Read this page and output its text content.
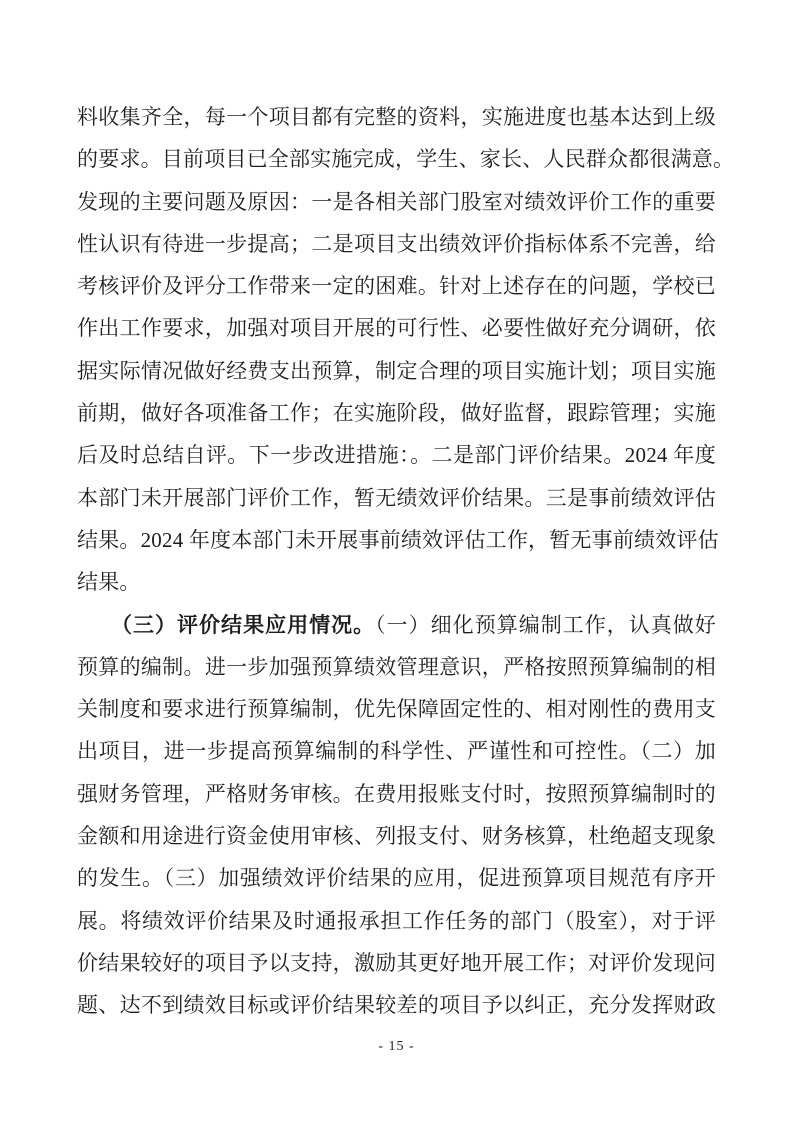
料收集齐全，每一个项目都有完整的资料，实施进度也基本达到上级
的要求。目前项目已全部实施完成，学生、家长、人民群众都很满意。
发现的主要问题及原因：一是各相关部门股室对绩效评价工作的重要
性认识有待进一步提高；二是项目支出绩效评价指标体系不完善，给
考核评价及评分工作带来一定的困难。针对上述存在的问题，学校已
作出工作要求，加强对项目开展的可行性、必要性做好充分调研，依
据实际情况做好经费支出预算，制定合理的项目实施计划；项目实施
前期，做好各项准备工作；在实施阶段，做好监督，跟踪管理；实施
后及时总结自评。下一步改进措施：。二是部门评价结果。2024 年度
本部门未开展部门评价工作，暂无绩效评价结果。三是事前绩效评估
结果。2024 年度本部门未开展事前绩效评估工作，暂无事前绩效评估
结果。
（三）评价结果应用情况。（一）细化预算编制工作，认真做好
预算的编制。进一步加强预算绩效管理意识，严格按照预算编制的相
关制度和要求进行预算编制，优先保障固定性的、相对刚性的费用支
出项目，进一步提高预算编制的科学性、严谨性和可控性。（二）加
强财务管理，严格财务审核。在费用报账支付时，按照预算编制时的
金额和用途进行资金使用审核、列报支付、财务核算，杜绝超支现象
的发生。（三）加强绩效评价结果的应用，促进预算项目规范有序开
展。将绩效评价结果及时通报承担工作任务的部门（股室），对于评
价结果较好的项目予以支持，激励其更好地开展工作；对评价发现问
题、达不到绩效目标或评价结果较差的项目予以纠正，充分发挥财政
- 15 -
